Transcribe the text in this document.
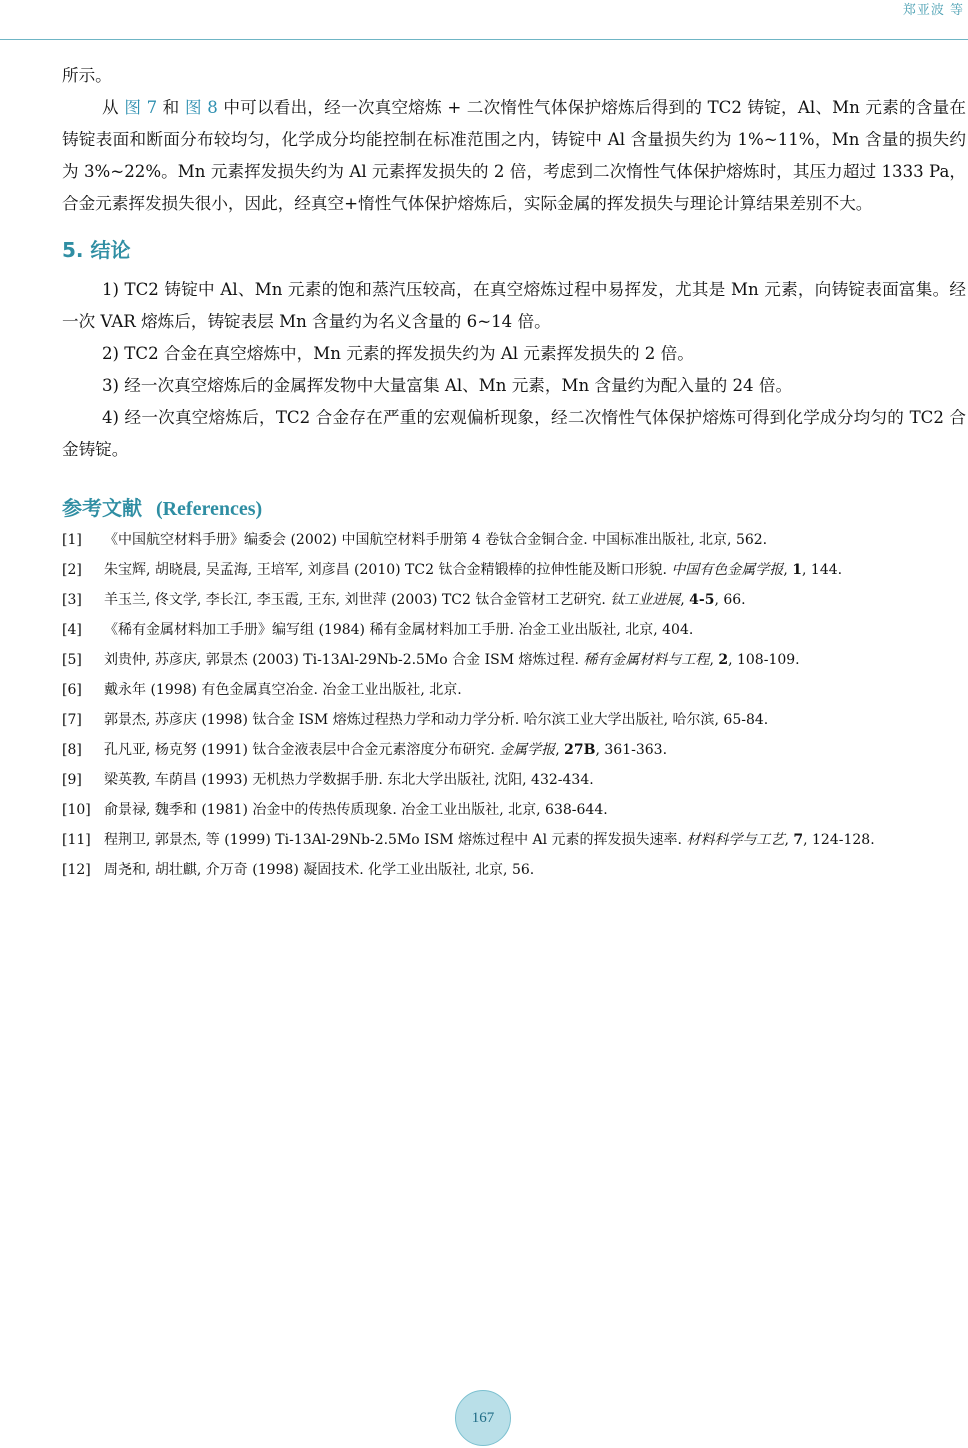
郑亚波 等

所示。

从 图 7 和 图 8 中可以看出，经一次真空熔炼 + 二次惰性气体保护熔炼后得到的 TC2 铸锭，Al、Mn 元素的含量在铸锭表面和断面分布较均匀，化学成分均能控制在标准范围之内，铸锭中 Al 含量损失约为 1%~11%，Mn 含量的损失约为 3%~22%。Mn 元素挥发损失约为 Al 元素挥发损失的 2 倍，考虑到二次惰性气体保护熔炼时，其压力超过 1333 Pa，合金元素挥发损失很小，因此，经真空+惰性气体保护熔炼后，实际金属的挥发损失与理论计算结果差别不大。

5. 结论

1) TC2 铸锭中 Al、Mn 元素的饱和蒸汽压较高，在真空熔炼过程中易挥发，尤其是 Mn 元素，向铸锭表面富集。经一次 VAR 熔炼后，铸锭表层 Mn 含量约为名义含量的 6~14 倍。

2) TC2 合金在真空熔炼中，Mn 元素的挥发损失约为 Al 元素挥发损失的 2 倍。

3) 经一次真空熔炼后的金属挥发物中大量富集 Al、Mn 元素，Mn 含量约为配入量的 24 倍。

4) 经一次真空熔炼后，TC2 合金存在严重的宏观偏析现象，经二次惰性气体保护熔炼可得到化学成分均匀的 TC2 合金铸锭。

参考文献 (References)
[1] 《中国航空材料手册》编委会 (2002) 中国航空材料手册第 4 卷钛合金铜合金. 中国标准出版社, 北京, 562.
[2] 朱宝辉, 胡晓晨, 吴孟海, 王培军, 刘彦昌 (2010) TC2 钛合金精锻棒的拉伸性能及断口形貌. 中国有色金属学报, 1, 144.
[3] 羊玉兰, 佟文学, 李长江, 李玉霞, 王东, 刘世萍 (2003) TC2 钛合金管材工艺研究. 钛工业进展, 4-5, 66.
[4] 《稀有金属材料加工手册》编写组 (1984) 稀有金属材料加工手册. 冶金工业出版社, 北京, 404.
[5] 刘贵仲, 苏彦庆, 郭景杰 (2003) Ti-13Al-29Nb-2.5Mo 合金 ISM 熔炼过程. 稀有金属材料与工程, 2, 108-109.
[6] 戴永年 (1998) 有色金属真空冶金. 冶金工业出版社, 北京.
[7] 郭景杰, 苏彦庆 (1998) 钛合金 ISM 熔炼过程热力学和动力学分析. 哈尔滨工业大学出版社, 哈尔滨, 65-84.
[8] 孔凡亚, 杨克努 (1991) 钛合金液表层中合金元素溶度分布研究. 金属学报, 27B, 361-363.
[9] 梁英教, 车荫昌 (1993) 无机热力学数据手册. 东北大学出版社, 沈阳, 432-434.
[10] 俞景禄, 魏季和 (1981) 冶金中的传热传质现象. 冶金工业出版社, 北京, 638-644.
[11] 程荆卫, 郭景杰, 等 (1999) Ti-13Al-29Nb-2.5Mo ISM 熔炼过程中 Al 元素的挥发损失速率. 材料科学与工艺, 7, 124-128.
[12] 周尧和, 胡壮麒, 介万奇 (1998) 凝固技术. 化学工业出版社, 北京, 56.
167
